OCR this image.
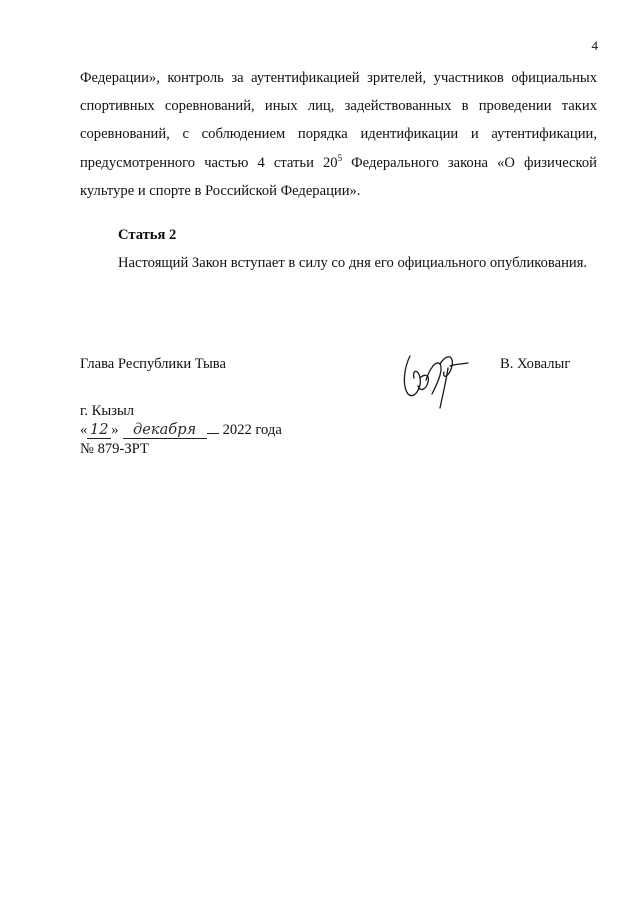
4
Федерации», контроль за аутентификацией зрителей, участников официальных спортивных соревнований, иных лиц, задействованных в проведении таких соревнований, с соблюдением порядка идентификации и аутентификации, предусмотренного частью 4 статьи $20^5$ Федерального закона «О физической культуре и спорте в Российской Федерации».
Статья 2
Настоящий Закон вступает в силу со дня его официального опубликования.
Глава Республики Тыва	В. Ховалыг
г. Кызыл
« 12 » декабря	2022 года
№ 879-ЗРТ
